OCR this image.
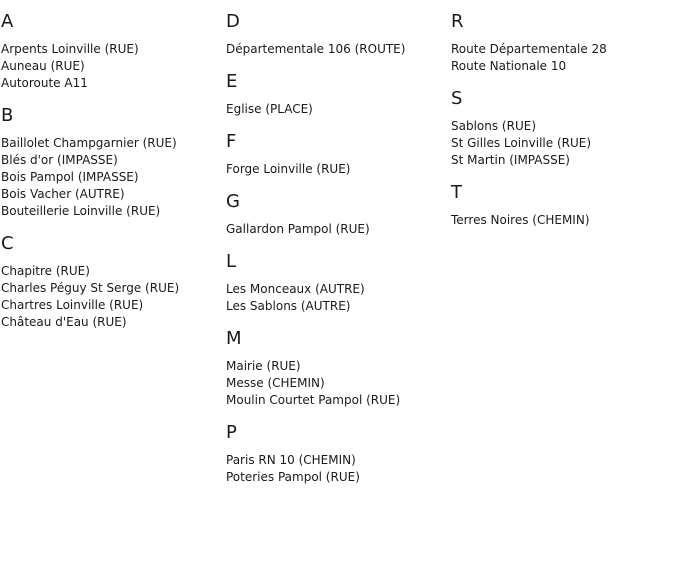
A
Arpents Loinville (RUE)
Auneau (RUE)
Autoroute A11
B
Baillolet Champgarnier (RUE)
Blés d'or (IMPASSE)
Bois Pampol (IMPASSE)
Bois Vacher (AUTRE)
Bouteillerie Loinville (RUE)
C
Chapitre (RUE)
Charles Péguy St Serge (RUE)
Chartres Loinville (RUE)
Château d'Eau (RUE)
D
Départementale 106 (ROUTE)
E
Eglise (PLACE)
F
Forge Loinville (RUE)
G
Gallardon Pampol (RUE)
L
Les Monceaux (AUTRE)
Les Sablons (AUTRE)
M
Mairie (RUE)
Messe (CHEMIN)
Moulin Courtet Pampol (RUE)
P
Paris RN 10 (CHEMIN)
Poteries Pampol (RUE)
R
Route Départementale 28
Route Nationale 10
S
Sablons (RUE)
St Gilles Loinville (RUE)
St Martin (IMPASSE)
T
Terres Noires (CHEMIN)
